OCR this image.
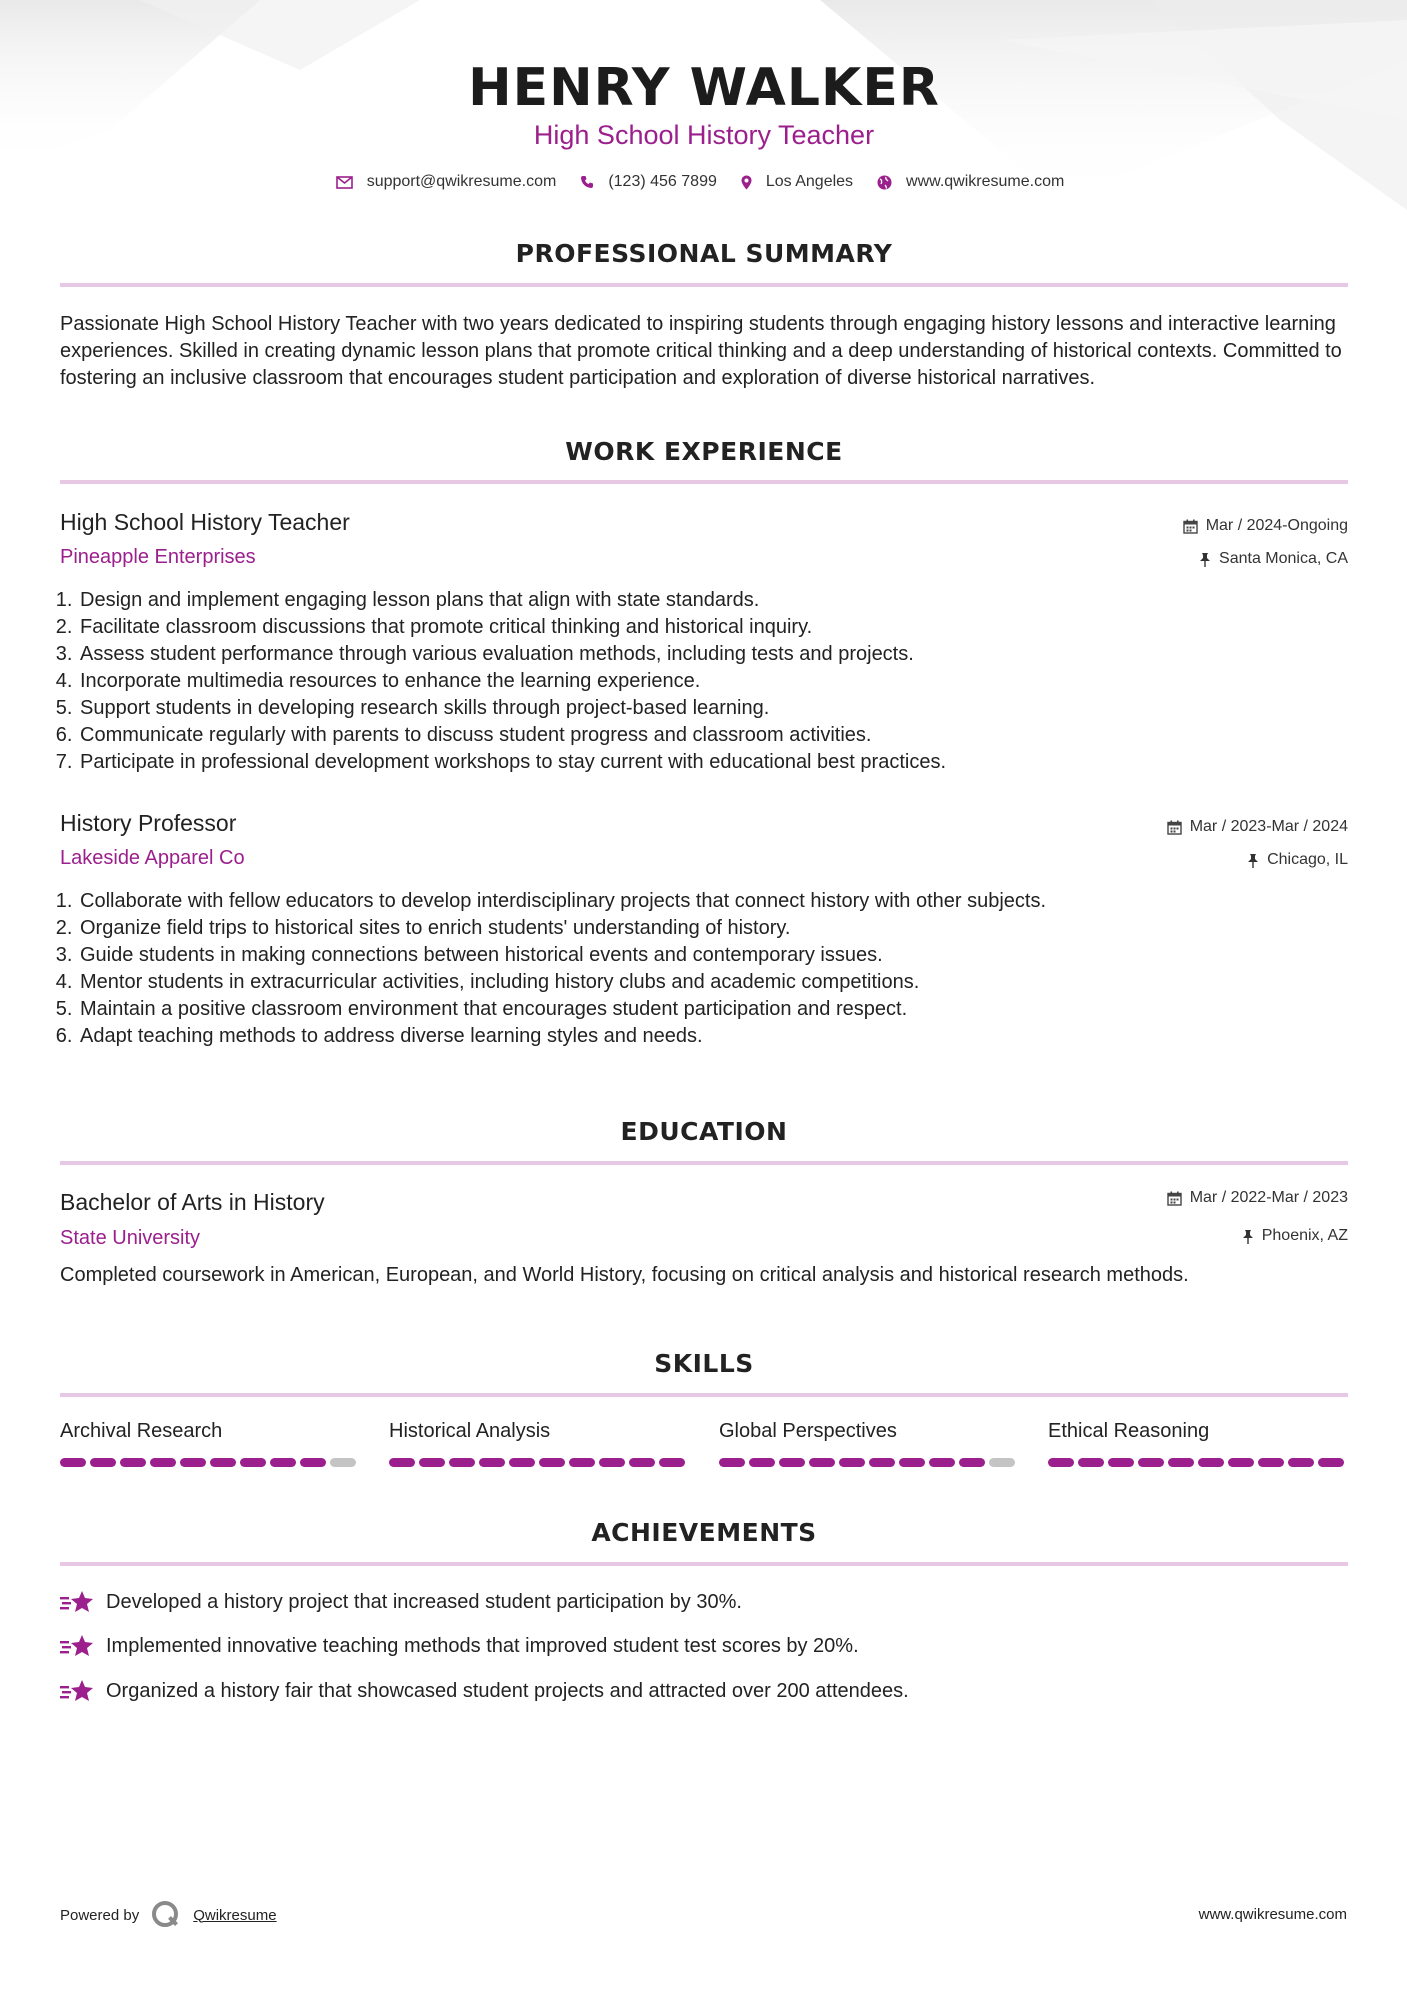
HENRY WALKER
High School History Teacher
support@qwikresume.com	(123) 456 7899	Los Angeles	www.qwikresume.com
PROFESSIONAL SUMMARY
Passionate High School History Teacher with two years dedicated to inspiring students through engaging history lessons and interactive learning experiences. Skilled in creating dynamic lesson plans that promote critical thinking and a deep understanding of historical contexts. Committed to fostering an inclusive classroom that encourages student participation and exploration of diverse historical narratives.
WORK EXPERIENCE
High School History Teacher
Pineapple Enterprises
Mar / 2024-Ongoing
Santa Monica, CA
1. Design and implement engaging lesson plans that align with state standards.
2. Facilitate classroom discussions that promote critical thinking and historical inquiry.
3. Assess student performance through various evaluation methods, including tests and projects.
4. Incorporate multimedia resources to enhance the learning experience.
5. Support students in developing research skills through project-based learning.
6. Communicate regularly with parents to discuss student progress and classroom activities.
7. Participate in professional development workshops to stay current with educational best practices.
History Professor
Lakeside Apparel Co
Mar / 2023-Mar / 2024
Chicago, IL
1. Collaborate with fellow educators to develop interdisciplinary projects that connect history with other subjects.
2. Organize field trips to historical sites to enrich students' understanding of history.
3. Guide students in making connections between historical events and contemporary issues.
4. Mentor students in extracurricular activities, including history clubs and academic competitions.
5. Maintain a positive classroom environment that encourages student participation and respect.
6. Adapt teaching methods to address diverse learning styles and needs.
EDUCATION
Bachelor of Arts in History
State University
Mar / 2022-Mar / 2023
Phoenix, AZ
Completed coursework in American, European, and World History, focusing on critical analysis and historical research methods.
SKILLS
Archival Research	Historical Analysis	Global Perspectives	Ethical Reasoning
ACHIEVEMENTS
Developed a history project that increased student participation by 30%.
Implemented innovative teaching methods that improved student test scores by 20%.
Organized a history fair that showcased student projects and attracted over 200 attendees.
Powered by	Qwikresume	www.qwikresume.com
